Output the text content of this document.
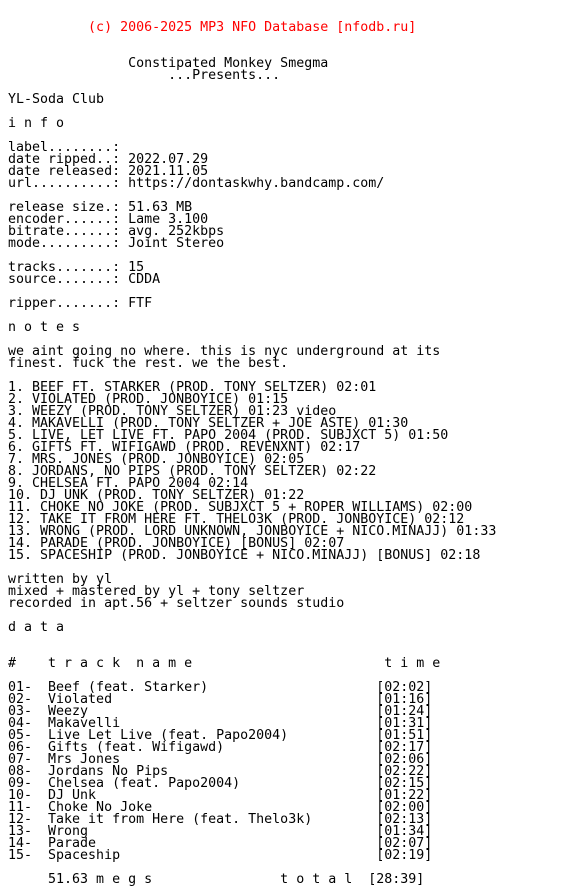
(c) 2006-2025 MP3 NFO Database [nfodb.ru]

Constipated Monkey Smegma
...Presents...
YL-Soda Club
i n f o
label........:
date ripped..: 2022.07.29
date released: 2021.11.05
url..........: https://dontaskwhy.bandcamp.com/
release size.: 51.63 MB
encoder......: Lame 3.100
bitrate......: avg. 252kbps
mode.........: Joint Stereo
tracks.......: 15
source.......: CDDA
ripper.......: FTF
n o t e s
we aint going no where. this is nyc underground at its
finest. fuck the rest. we the best.
1. BEEF FT. STARKER (PROD. TONY SELTZER) 02:01
2. VIOLATED (PROD. JONBOYICE) 01:15
3. WEEZY (PROD. TONY SELTZER) 01:23 video
4. MAKAVELLI (PROD. TONY SELTZER + JOE ASTE) 01:30
5. LIVE, LET LIVE FT. PAPO 2004 (PROD. SUBJXCT 5) 01:50
6. GIFTS FT. WIFIGAWD (PROD. REVENXNT) 02:17
7. MRS. JONES (PROD. JONBOYICE) 02:05
8. JORDANS, NO PIPS (PROD. TONY SELTZER) 02:22
9. CHELSEA FT. PAPO 2004 02:14
10. DJ UNK (PROD. TONY SELTZER) 01:22
11. CHOKE NO JOKE (PROD. SUBJXCT 5 + ROPER WILLIAMS) 02:00
12. TAKE IT FROM HERE FT. THELO3K (PROD. JONBOYICE) 02:12
13. WRONG (PROD. LORD UNKNOWN, JONBOYICE + NICO.MINAJJ) 01:33
14. PARADE (PROD. JONBOYICE) [BONUS] 02:07
15. SPACESHIP (PROD. JONBOYICE + NICO.MINAJJ) [BONUS] 02:18
written by yl
mixed + mastered by yl + tony seltzer
recorded in apt.56 + seltzer sounds studio
d a t a
#    t r a c k  n a m e                        t i m e
01-  Beef (feat. Starker)                     [02:02]
02-  Violated                                 [01:16]
03-  Weezy                                    [01:24]
04-  Makavelli                                [01:31]
05-  Live Let Live (feat. Papo2004)           [01:51]
06-  Gifts (feat. Wifigawd)                   [02:17]
07-  Mrs Jones                                [02:06]
08-  Jordans No Pips                          [02:22]
09-  Chelsea (feat. Papo2004)                 [02:15]
10-  DJ Unk                                   [01:22]
11-  Choke No Joke                            [02:00]
12-  Take it from Here (feat. Thelo3k)        [02:13]
13-  Wrong                                    [01:34]
14-  Parade                                   [02:07]
15-  Spaceship                                [02:19]
51.63 m e g s                t o t a l  [28:39]
